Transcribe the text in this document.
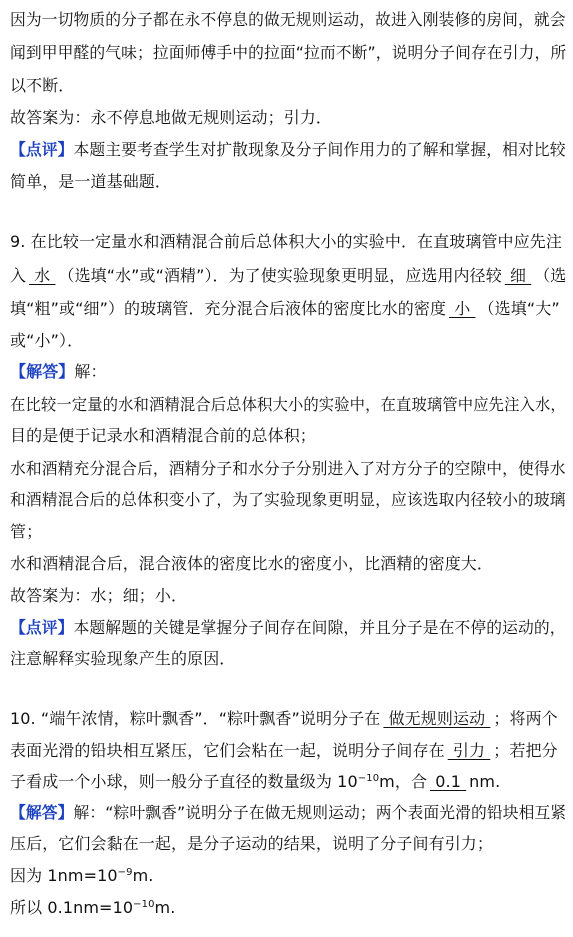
因为一切物质的分子都在永不停息的做无规则运动，故进入刚装修的房间，就会
闻到甲甲醛的气味；拉面师傅手中的拉面“拉而不断”，说明分子间存在引力，所
以不断．
故答案为：永不停息地做无规则运动；引力．
【点评】本题主要考查学生对扩散现象及分子间作用力的了解和掌握，相对比较
简单，是一道基础题．
9. 在比较一定量水和酒精混合前后总体积大小的实验中．在直玻璃管中应先注
入 水 （选填“水”或“酒精”）．为了使实验现象更明显，应选用内径较 细 （选
填“粗”或“细”）的玻璃管．充分混合后液体的密度比水的密度 小 （选填“大”
或“小”）．
【解答】解：
在比较一定量的水和酒精混合后总体积大小的实验中，在直玻璃管中应先注入水，
目的是便于记录水和酒精混合前的总体积；
水和酒精充分混合后，酒精分子和水分子分别进入了对方分子的空隙中，使得水
和酒精混合后的总体积变小了，为了实验现象更明显，应该选取内径较小的玻璃
管；
水和酒精混合后，混合液体的密度比水的密度小，比酒精的密度大．
故答案为：水；细；小．
【点评】本题解题的关键是掌握分子间存在间隙，并且分子是在不停的运动的，
注意解释实验现象产生的原因．
10. “端午浓情，粽叶飘香”．“粽叶飘香”说明分子在 做无规则运动 ；将两个
表面光滑的铅块相互紧压，它们会粘在一起，说明分子间存在 引力 ；若把分
子看成一个小球，则一般分子直径的数量级为 $10^{-10}m$，合 0.1 nm.
【解答】解：“粽叶飘香”说明分子在做无规则运动；两个表面光滑的铅块相互紧
压后，它们会黏在一起，是分子运动的结果，说明了分子间有引力；
因为 $1nm=10^{-9}m$.
所以 $0.1nm=10^{-10}m$.
